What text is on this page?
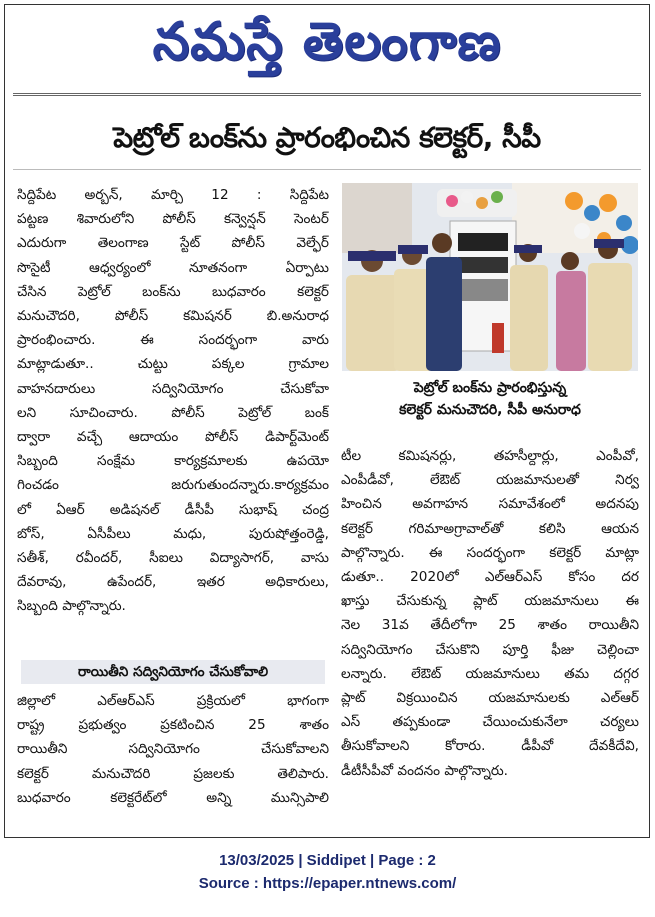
నమస్తే తెలంగాణ
పెట్రోల్‌ బంక్‌ను ప్రారంభించిన కలెక్టర్‌, సీపీ
సిద్దిపేట అర్బన్‌, మార్చి 12 : సిద్దిపేట
పట్టణ శివారులోని పోలీస్‌ కన్వెన్షన్‌ సెంటర్‌
ఎదురుగా తెలంగాణ స్టేట్‌ పోలీస్‌ వెల్ఫేర్‌
సొసైటీ ఆధ్వర్యంలో నూతనంగా ఏర్పాటు
చేసిన పెట్రోల్‌ బంక్‌ను బుధవారం కలెక్టర్‌
మనుచౌదరి, పోలీస్‌ కమిషనర్‌ బి.అనురాధ
ప్రారంభించారు. ఈ సందర్భంగా వారు
మాట్లాడుతూ.. చుట్టు పక్కల గ్రామాల
వాహనదారులు సద్వినియోగం చేసుకోవా
లని సూచించారు. పోలీస్‌ పెట్రోల్‌ బంక్‌
ద్వారా వచ్చే ఆదాయం పోలీస్‌ డిపార్ట్‌మెంట్‌
సిబ్బంది సంక్షేమ కార్యక్రమాలకు ఉపయో
గించడం జరుగుతుందన్నారు.కార్యక్రమం
లో ఏఆర్‌ అడిషనల్‌ డీసీపీ సుభాష్‌ చంద్ర
బోస్‌, ఏసీపీలు మధు, పురుషోత్తంరెడ్డి,
సతీశ్‌, రవీందర్‌, సీఐలు విద్యాసాగర్‌, వాసు
దేవరావు, ఉపేందర్‌, ఇతర అధికారులు,
సిబ్బంది పాల్గొన్నారు.
రాయితీని సద్వినియోగం చేసుకోవాలి
జిల్లాలో ఎల్‌ఆర్‌ఎస్‌ ప్రక్రియలో భాగంగా
రాష్ట్ర ప్రభుత్వం ప్రకటించిన 25 శాతం
రాయితీని సద్వినియోగం చేసుకోవాలని
కలెక్టర్‌ మనుచౌదరి ప్రజలకు తెలిపారు.
బుధవారం కలెక్టరేట్‌లో అన్ని మున్సిపాలి
పెట్రోల్‌ బంక్‌ను ప్రారంభిస్తున్న
కలెక్టర్‌ మనుచౌదరి, సీపీ అనురాధ
టీల కమిషనర్లు, తహసీల్దార్లు, ఎంపీవో,
ఎంపీడీవో, లేఔట్‌ యజమానులతో నిర్వ
హించిన అవగాహన సమావేశంలో అదనపు
కలెక్టర్‌ గరిమాఅగ్రావాల్‌తో కలిసి ఆయన
పాల్గొన్నారు. ఈ సందర్భంగా కలెక్టర్‌ మాట్లా
డుతూ.. 2020లో ఎల్‌ఆర్‌ఎస్‌ కోసం దర
ఖాస్తు చేసుకున్న ప్లాట్‌ యజమానులు ఈ
నెల 31వ తేదీలోగా 25 శాతం రాయితీని
సద్వినియోగం చేసుకొని పూర్తి ఫీజు చెల్లించా
లన్నారు. లేఔట్‌ యజమానులు తమ దగ్గర
ప్లాట్‌ విక్రయించిన యజమానులకు ఎల్‌ఆర్‌
ఎస్‌ తప్పకుండా చేయించుకునేలా చర్యలు
తీసుకోవాలని కోరారు. డీపీవో దేవకీదేవి,
డీటీసీపీవో వందనం పాల్గొన్నారు.
13/03/2025 | Siddipet | Page : 2
Source : https://epaper.ntnews.com/
